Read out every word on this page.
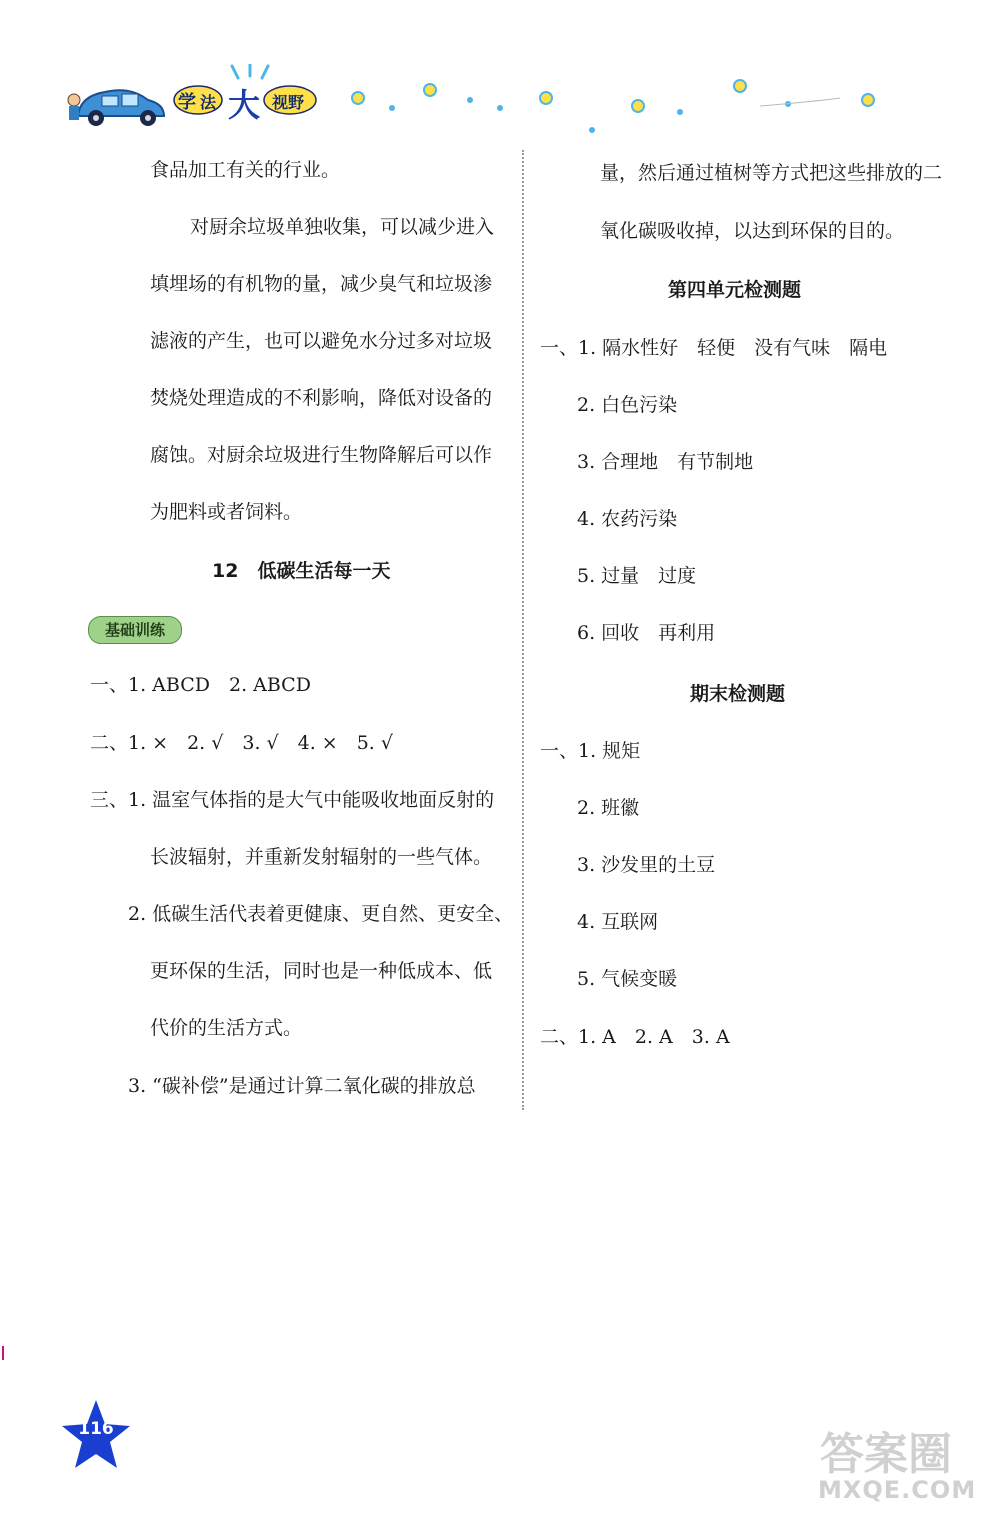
学 法 大 视野
食品加工有关的行业。
对厨余垃圾单独收集，可以减少进入
填埋场的有机物的量，减少臭气和垃圾渗
滤液的产生，也可以避免水分过多对垃圾
焚烧处理造成的不利影响，降低对设备的
腐蚀。对厨余垃圾进行生物降解后可以作
为肥料或者饲料。
12　低碳生活每一天
基础训练
一、1. ABCD　2. ABCD
二、1. ×　2. √　3. √　4. ×　5. √
三、1. 温室气体指的是大气中能吸收地面反射的
长波辐射，并重新发射辐射的一些气体。
2. 低碳生活代表着更健康、更自然、更安全、
更环保的生活，同时也是一种低成本、低
代价的生活方式。
3. “碳补偿”是通过计算二氧化碳的排放总
量，然后通过植树等方式把这些排放的二
氧化碳吸收掉，以达到环保的目的。
第四单元检测题
一、1. 隔水性好　轻便　没有气味　隔电
2. 白色污染
3. 合理地　有节制地
4. 农药污染
5. 过量　过度
6. 回收　再利用
期末检测题
一、1. 规矩
2. 班徽
3. 沙发里的土豆
4. 互联网
5. 气候变暖
二、1. A　2. A　3. A
116	答案圈
MXQE.COM
